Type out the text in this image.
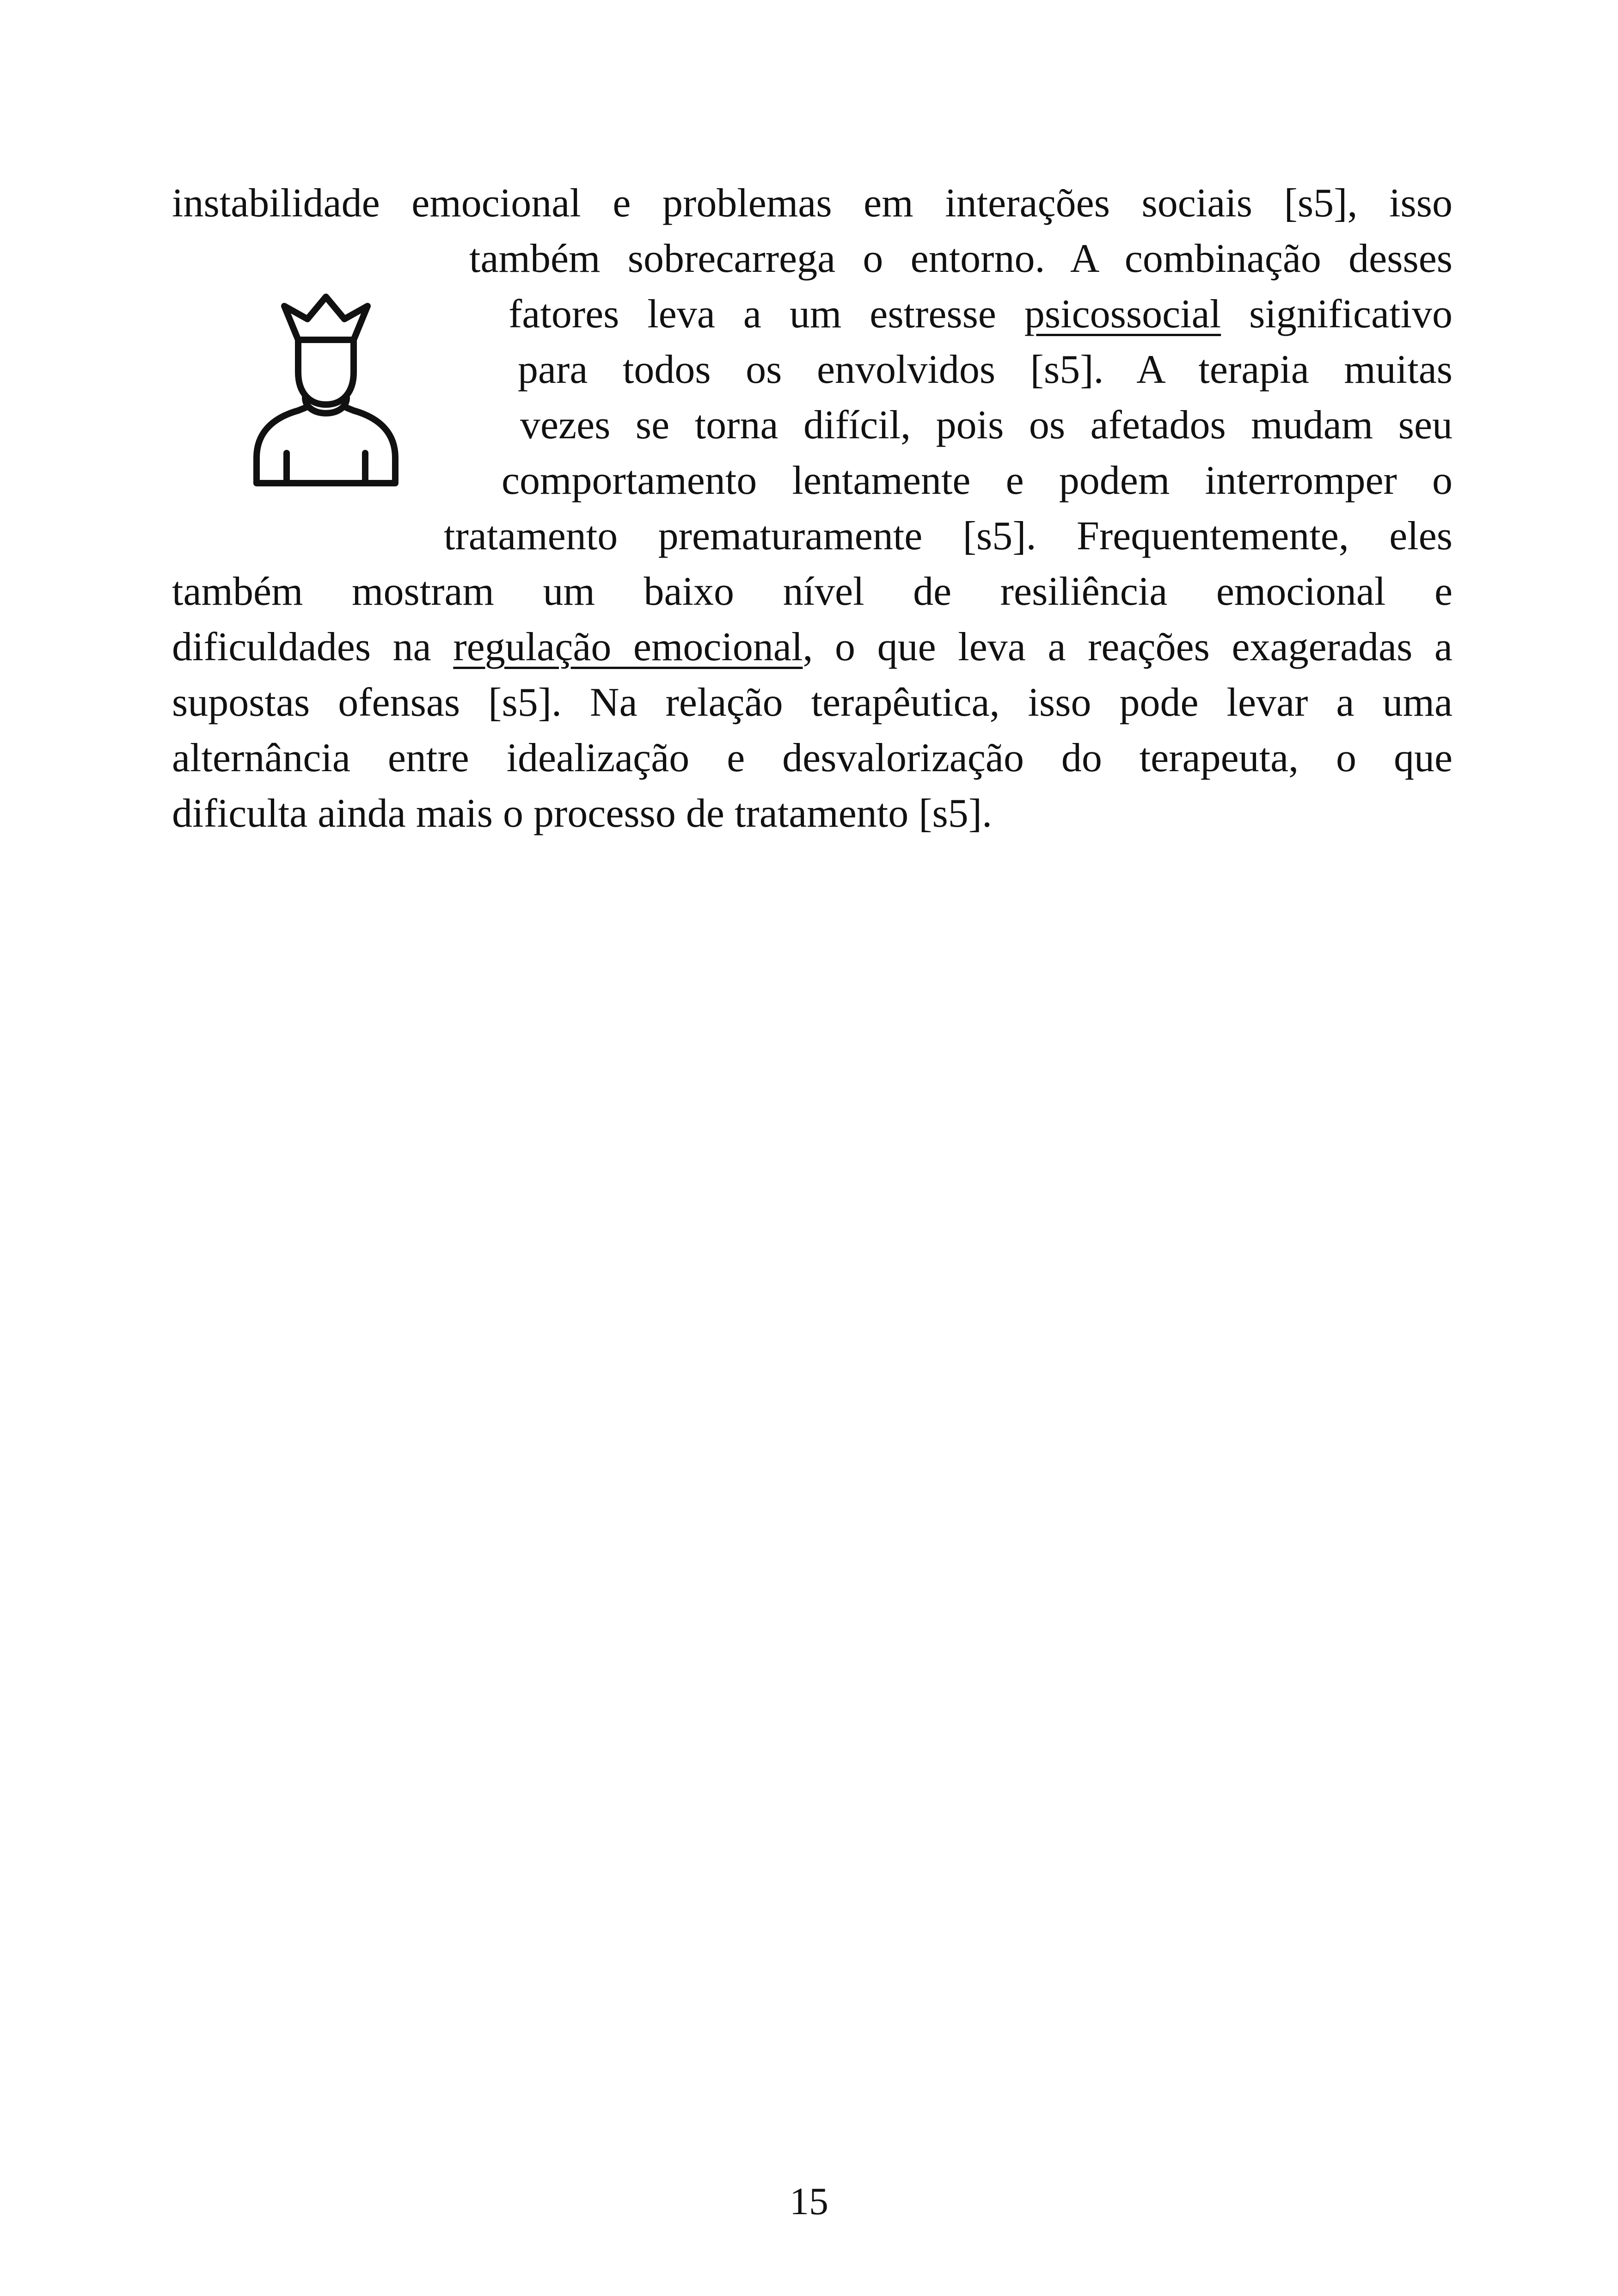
instabilidade emocional e problemas em interações sociais [s5], isso
também sobrecarrega o entorno. A combinação desses
fatores leva a um estresse psicossocial significativo
para todos os envolvidos [s5]. A terapia muitas
vezes se torna difícil, pois os afetados mudam seu
comportamento lentamente e podem interromper o
tratamento prematuramente [s5]. Frequentemente, eles
também mostram um baixo nível de resiliência emocional e
dificuldades na regulação emocional, o que leva a reações exageradas a
supostas ofensas [s5]. Na relação terapêutica, isso pode levar a uma
alternância entre idealização e desvalorização do terapeuta, o que
dificulta ainda mais o processo de tratamento [s5].
15
